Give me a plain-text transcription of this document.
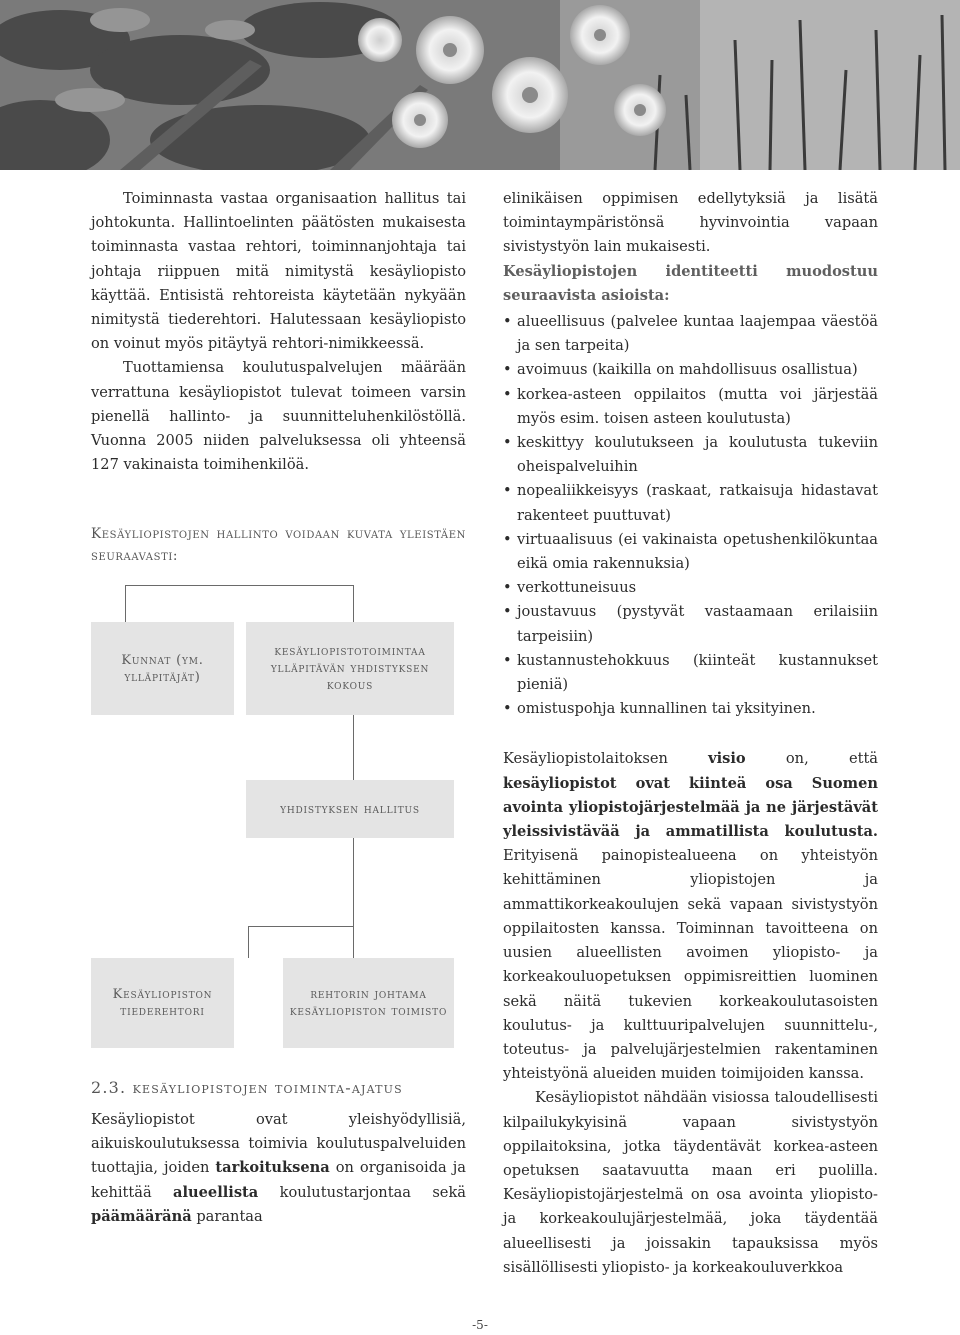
Toiminnasta vastaa organisaation hallitus tai johtokunta. Hallintoelinten päätösten mukaisesta toiminnasta vastaa rehtori, toiminnanjohtaja tai johtaja riippuen mitä nimitystä kesäyliopisto käyttää. Entisistä rehtoreista käytetään nykyään nimitystä tiederehtori. Halutessaan kesäyliopisto on voinut myös pitäytyä rehtori-nimikkeessä.

Tuottamiensa koulutuspalvelujen määrään verrattuna kesäyliopistot tulevat toimeen varsin pienellä hallinto- ja suunnitteluhenkilöstöllä. Vuonna 2005 niiden palveluksessa oli yhteensä 127 vakinaista toimihenkilöä.

Kesäyliopistojen hallinto voidaan kuvata yleistäen seuraavasti:

Kunnat (ym. ylläpitäjät)
kesäyliopistotoimintaa ylläpitävän yhdistyksen kokous
yhdistyksen hallitus
Kesäyliopiston tiederehtori
rehtorin johtama kesäyliopiston toimisto
2.3. kesäyliopistojen toiminta-ajatus

Kesäyliopistot ovat yleishyödyllisiä, aikuiskoulutuksessa toimivia koulutuspalveluiden tuottajia, joiden tarkoituksena on organisoida ja kehittää alueellista koulutustarjontaa sekä päämääränä parantaa

elinikäisen oppimisen edellytyksiä ja lisätä toimintaympäristönsä hyvinvointia vapaan sivistystyön lain mukaisesti.

Kesäyliopistojen identiteetti muodostuu seuraavista asioista:

• alueellisuus (palvelee kuntaa laajempaa väestöä ja sen tarpeita)
• avoimuus (kaikilla on mahdollisuus osallistua)
• korkea-asteen oppilaitos (mutta voi järjestää myös esim. toisen asteen koulutusta)
• keskittyy koulutukseen ja koulutusta tukeviin oheispalveluihin
• nopealiikkeisyys (raskaat, ratkaisuja hidastavat rakenteet puuttuvat)
• virtuaalisuus (ei vakinaista opetushenkilökuntaa eikä omia rakennuksia)
• verkottuneisuus
• joustavuus (pystyvät vastaamaan erilaisiin tarpeisiin)
• kustannustehokkuus (kiinteät kustannukset pieniä)
• omistuspohja kunnallinen tai yksityinen.

Kesäyliopistolaitoksen visio on, että kesäyliopistot ovat kiinteä osa Suomen avointa yliopistojärjestelmää ja ne järjestävät yleissivistävää ja ammatillista koulutusta. Erityisenä painopistealueena on yhteistyön kehittäminen yliopistojen ja ammattikorkeakoulujen sekä vapaan sivistystyön oppilaitosten kanssa. Toiminnan tavoitteena on uusien alueellisten avoimen yliopisto- ja korkeakouluopetuksen oppimisreittien luominen sekä näitä tukevien korkeakoulutasoisten koulutus- ja kulttuuripalvelujen suunnittelu-, toteutus- ja palvelujärjestelmien rakentaminen yhteistyönä alueiden muiden toimijoiden kanssa.

Kesäyliopistot nähdään visiossa taloudellisesti kilpailukykyisinä vapaan sivistystyön oppilaitoksina, jotka täydentävät korkea-asteen opetuksen saatavuutta maan eri puolilla. Kesäyliopistojärjestelmä on osa avointa yliopisto- ja korkeakoulujärjestelmää, joka täydentää alueellisesti ja joissakin tapauksissa myös sisällöllisesti yliopisto- ja korkeakouluverkkoa

-5-
